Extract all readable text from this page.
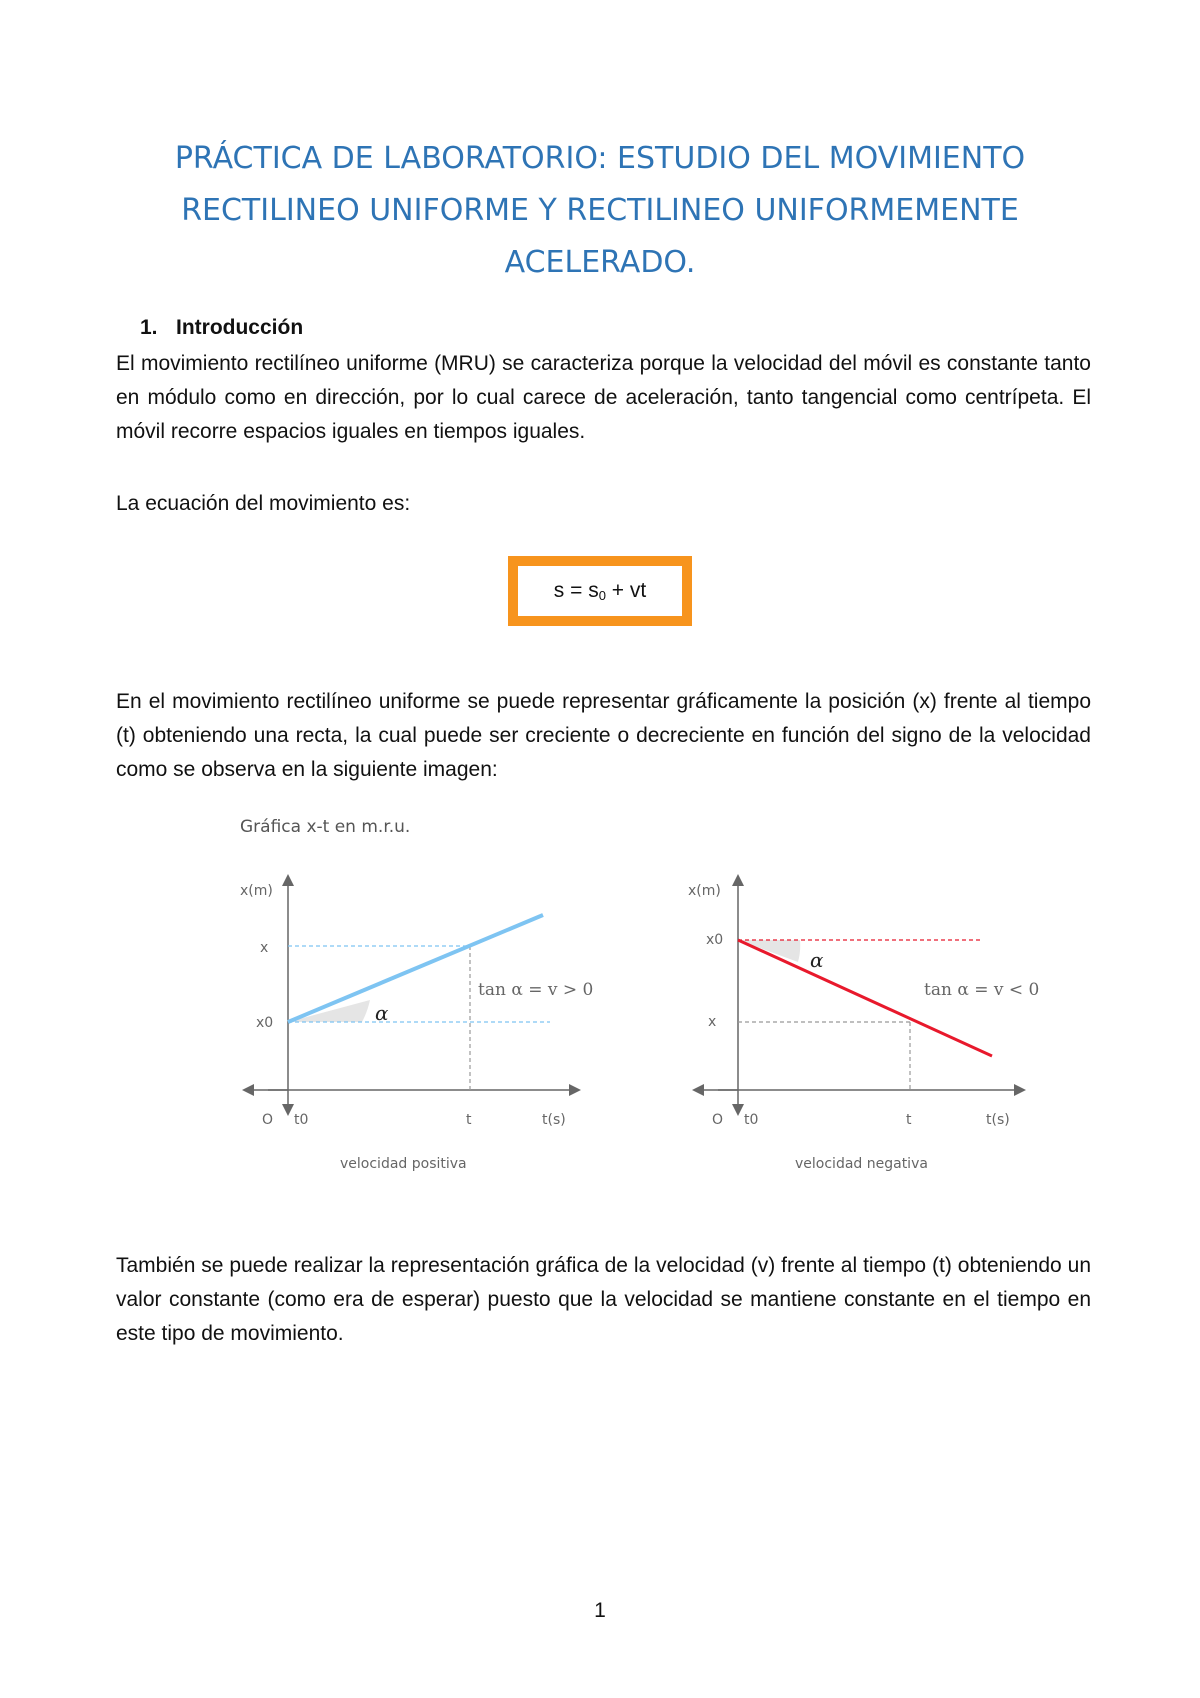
PRÁCTICA DE LABORATORIO: ESTUDIO DEL MOVIMIENTO
RECTILINEO UNIFORME Y RECTILINEO UNIFORMEMENTE
ACELERADO.
1. Introducción

El movimiento rectilíneo uniforme (MRU) se caracteriza porque la velocidad del móvil es constante tanto en módulo como en dirección, por lo cual carece de aceleración, tanto tangencial como centrípeta. El móvil recorre espacios iguales en tiempos iguales.

La ecuación del movimiento es:

$s = s_0$ + vt

En el movimiento rectilíneo uniforme se puede representar gráficamente la posición (x) frente al tiempo (t) obteniendo una recta, la cual puede ser creciente o decreciente en función del signo de la velocidad como se observa en la siguiente imagen:

Gráfica x-t en m.r.u.

x(m)
x
x0	α
tan α = v > 0
O t0	t	t(s)
velocidad positiva
x(m)
x0
x
α
tan α = v < 0
O t0	t	t(s)
velocidad negativa

También se puede realizar la representación gráfica de la velocidad (v) frente al tiempo (t) obteniendo un valor constante (como era de esperar) puesto que la velocidad se mantiene constante en el tiempo en este tipo de movimiento.

1
